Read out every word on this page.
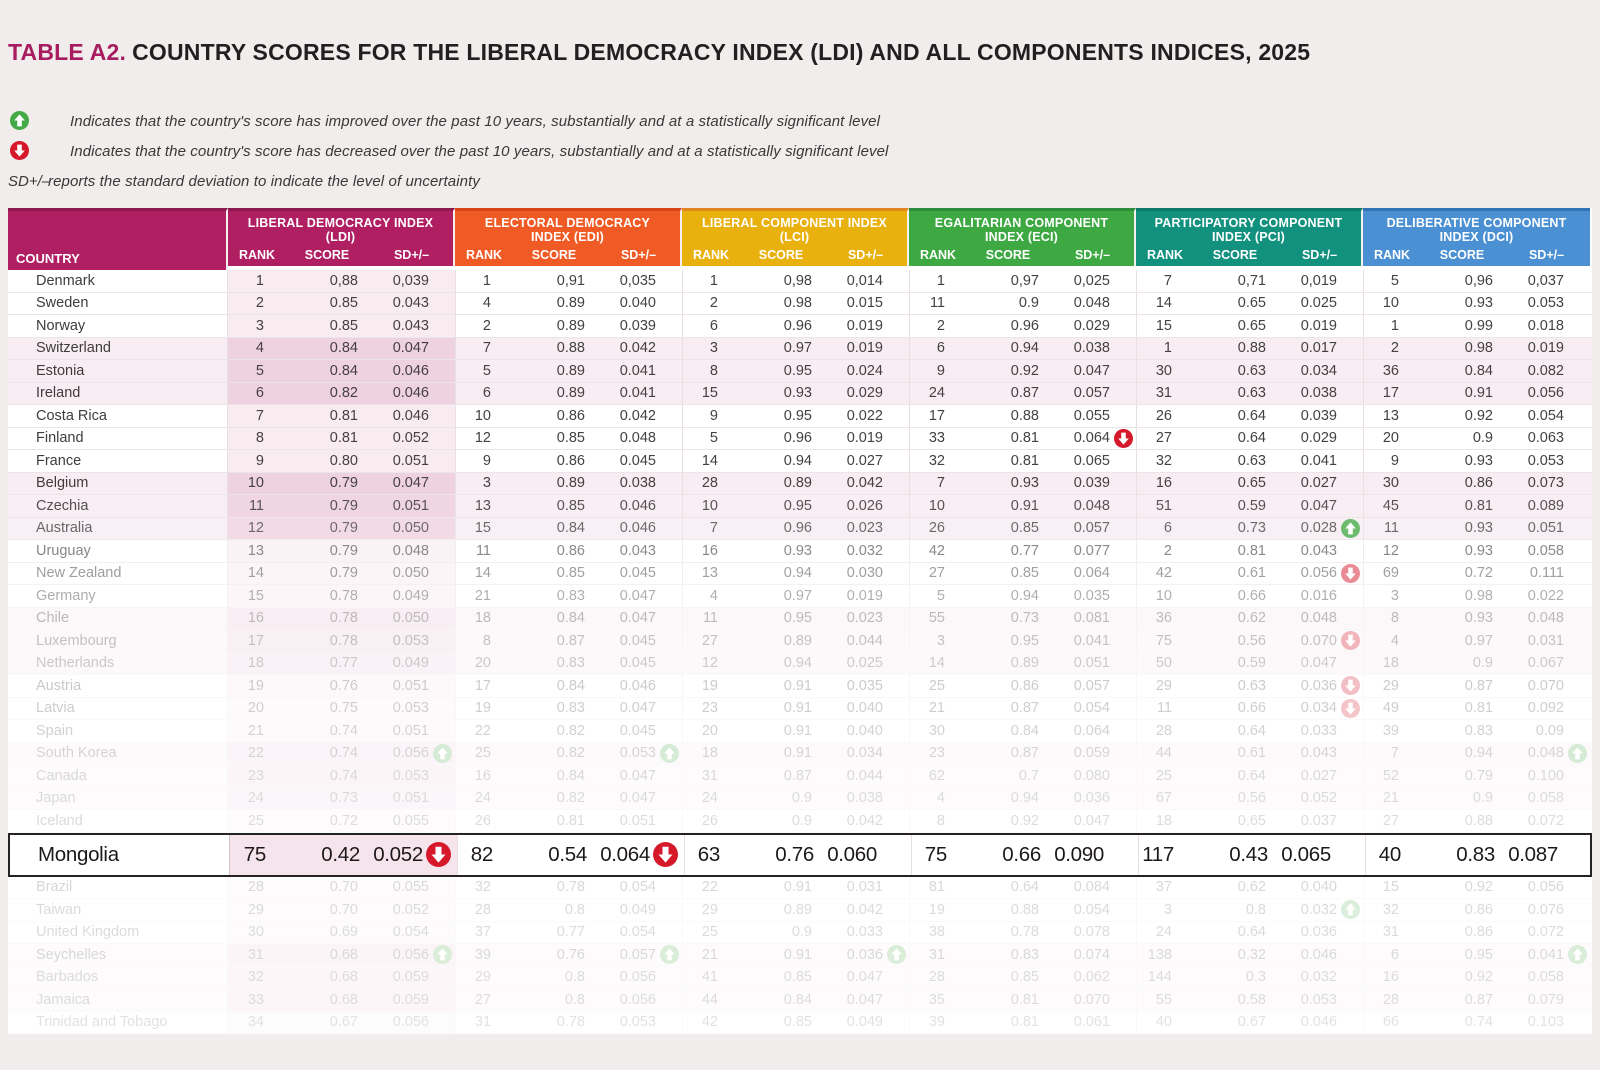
TABLE A2. COUNTRY SCORES FOR THE LIBERAL DEMOCRACY INDEX (LDI) AND ALL COMPONENTS INDICES, 2025
Indicates that the country's score has improved over the past 10 years, substantially and at a statistically significant level
Indicates that the country's score has decreased over the past 10 years, substantially and at a statistically significant level
SD+/–
reports the standard deviation to indicate the level of uncertainty
COUNTRY
LIBERAL DEMOCRACY INDEX (LDI)
RANK	SCORE	SD+/–
ELECTORAL DEMOCRACY INDEX (EDI)
RANK	SCORE	SD+/–
LIBERAL COMPONENT INDEX (LCI)
RANK	SCORE	SD+/–
EGALITARIAN COMPONENT INDEX (ECI)
RANK	SCORE	SD+/–
PARTICIPATORY COMPONENT INDEX (PCI)
RANK	SCORE	SD+/–
DELIBERATIVE COMPONENT INDEX (DCI)
RANK	SCORE	SD+/–
Denmark	1	0,88	0,039	1	0,91	0,035	1	0,98	0,014	1	0,97	0,025	7	0,71	0,019	5	0,96	0,037
Sweden	2	0.85	0.043	4	0.89	0.040	2	0.98	0.015	11	0.9	0.048	14	0.65	0.025	10	0.93	0.053
Norway	3	0.85	0.043	2	0.89	0.039	6	0.96	0.019	2	0.96	0.029	15	0.65	0.019	1	0.99	0.018
Switzerland	4	0.84	0.047	7	0.88	0.042	3	0.97	0.019	6	0.94	0.038	1	0.88	0.017	2	0.98	0.019
Estonia	5	0.84	0.046	5	0.89	0.041	8	0.95	0.024	9	0.92	0.047	30	0.63	0.034	36	0.84	0.082
Ireland	6	0.82	0.046	6	0.89	0.041	15	0.93	0.029	24	0.87	0.057	31	0.63	0.038	17	0.91	0.056
Costa Rica	7	0.81	0.046	10	0.86	0.042	9	0.95	0.022	17	0.88	0.055	26	0.64	0.039	13	0.92	0.054
Finland	8	0.81	0.052	12	0.85	0.048	5	0.96	0.019	33	0.81	0.064	27	0.64	0.029	20	0.9	0.063
France	9	0.80	0.051	9	0.86	0.045	14	0.94	0.027	32	0.81	0.065	32	0.63	0.041	9	0.93	0.053
Belgium	10	0.79	0.047	3	0.89	0.038	28	0.89	0.042	7	0.93	0.039	16	0.65	0.027	30	0.86	0.073
Czechia	11	0.79	0.051	13	0.85	0.046	10	0.95	0.026	10	0.91	0.048	51	0.59	0.047	45	0.81	0.089
Australia	12	0.79	0.050	15	0.84	0.046	7	0.96	0.023	26	0.85	0.057	6	0.73	0.028	11	0.93	0.051
Uruguay	13	0.79	0.048	11	0.86	0.043	16	0.93	0.032	42	0.77	0.077	2	0.81	0.043	12	0.93	0.058
New Zealand	14	0.79	0.050	14	0.85	0.045	13	0.94	0.030	27	0.85	0.064	42	0.61	0.056	69	0.72	0.111
Germany	15	0.78	0.049	21	0.83	0.047	4	0.97	0.019	5	0.94	0.035	10	0.66	0.016	3	0.98	0.022
Chile	16	0.78	0.050	18	0.84	0.047	11	0.95	0.023	55	0.73	0.081	36	0.62	0.048	8	0.93	0.048
Luxembourg	17	0.78	0.053	8	0.87	0.045	27	0.89	0.044	3	0.95	0.041	75	0.56	0.070	4	0.97	0.031
Netherlands	18	0.77	0.049	20	0.83	0.045	12	0.94	0.025	14	0.89	0.051	50	0.59	0.047	18	0.9	0.067
Austria	19	0.76	0.051	17	0.84	0.046	19	0.91	0.035	25	0.86	0.057	29	0.63	0.036	29	0.87	0.070
Latvia	20	0.75	0.053	19	0.83	0.047	23	0.91	0.040	21	0.87	0.054	11	0.66	0.034	49	0.81	0.092
Spain	21	0.74	0.051	22	0.82	0.045	20	0.91	0.040	30	0.84	0.064	28	0.64	0.033	39	0.83	0.09
South Korea	22	0.74	0.056	25	0.82	0.053	18	0.91	0.034	23	0.87	0.059	44	0.61	0.043	7	0.94	0.048
Canada	23	0.74	0.053	16	0.84	0.047	31	0.87	0.044	62	0.7	0.080	25	0.64	0.027	52	0.79	0.100
Japan	24	0.73	0.051	24	0.82	0.047	24	0.9	0.038	4	0.94	0.036	67	0.56	0.052	21	0.9	0.058
Iceland	25	0.72	0.055	26	0.81	0.051	26	0.9	0.042	8	0.92	0.047	18	0.65	0.037	27	0.88	0.072
Mongolia	75	0.42 0.052	82	0.54 0.064	63	0.76 0.060	75	0.66 0.090	117	0.43 0.065	40	0.83 0.087
Brazil	28	0.70	0.055	32	0.78	0.054	22	0.91	0.031	81	0.64	0.084	37	0.62	0.040	15	0.92	0.056
Taiwan	29	0.70	0.052	28	0.8	0.049	29	0.89	0.042	19	0.88	0.054	3	0.8	0.032	32	0.86	0.076
United Kingdom	30	0.69	0.054	37	0.77	0.054	25	0.9	0.033	38	0.78	0.078	24	0.64	0.036	31	0.86	0.072
Seychelles	31	0.68	0.056	39	0.76	0.057	21	0.91	0.036	31	0.83	0.074	138	0.32	0.046	6	0.95	0.041
Barbados	32	0.68	0.059	29	0.8	0.056	41	0.85	0.047	28	0.85	0.062	144	0.3	0.032	16	0.92	0.058
Jamaica	33	0.68	0.059	27	0.8	0.056	44	0.84	0.047	35	0.81	0.070	55	0.58	0.053	28	0.87	0.079
Trinidad and Tobago	34	0.67	0.056	31	0.78	0.053	42	0.85	0.049	39	0.81	0.061	40	0.67	0.046	66	0.74	0.103
